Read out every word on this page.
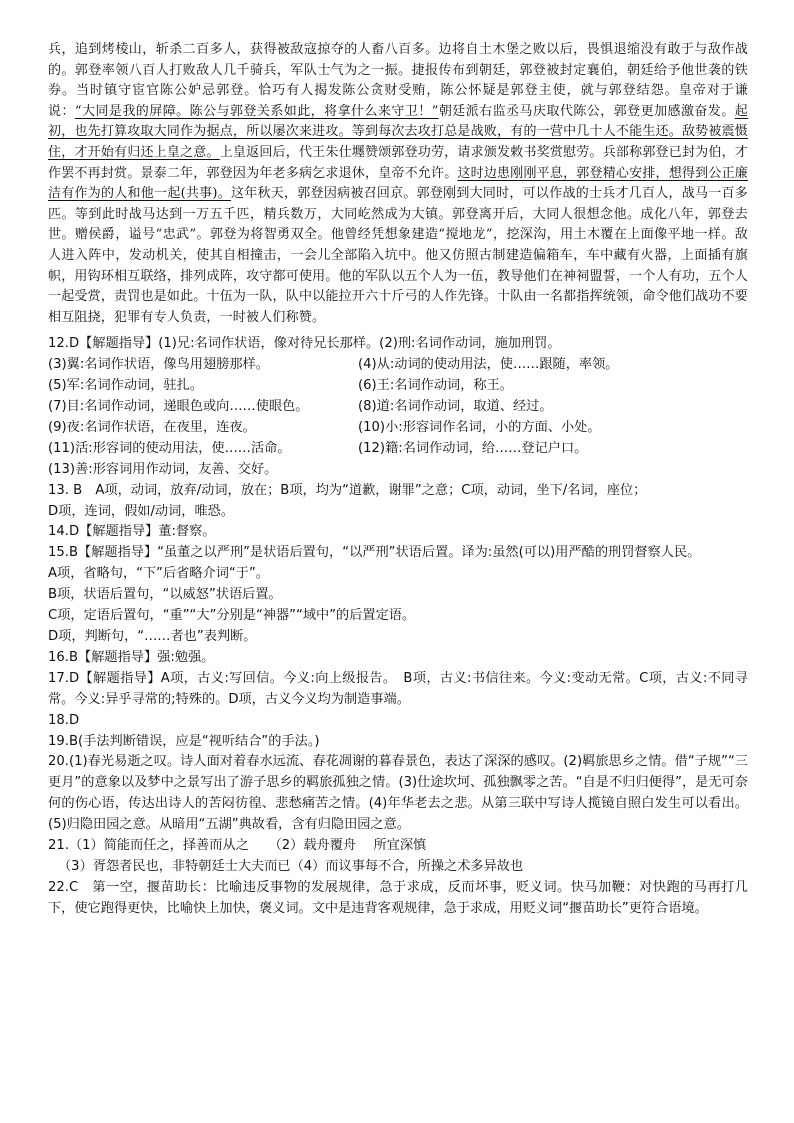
兵，追到烤棱山，斩杀二百多人，获得被敌寇掠夺的人畜八百多。边将自土木堡之败以后，畏惧退缩没有敢于与敌作战的。郭登率领八百人打败敌人几千骑兵，军队士气为之一振。捷报传布到朝廷，郭登被封定襄伯，朝廷给予他世袭的铁券。当时镇守宦官陈公妒忌郭登。恰巧有人揭发陈公贪财受贿，陈公怀疑是郭登主使，就与郭登结怨。皇帝对于谦说：“大同是我的屏障。陈公与郭登关系如此，将拿什么来守卫！”朝廷派右监丞马庆取代陈公，郭登更加感激奋发。起初，也先打算攻取大同作为据点，所以屡次来进攻。等到每次去攻打总是战败，有的一营中几十人不能生还。敌势被震慑住，才开始有归还上皇之意。上皇返回后，代王朱仕壥赞颂郭登功劳，请求颁发敕书奖赏慰劳。兵部称郭登已封为伯，才作罢不再封赏。景泰二年，郭登因为年老多病乞求退休，皇帝不允许。这时边患刚刚平息，郭登精心安排，想得到公正廉洁有作为的人和他一起(共事)。这年秋天，郭登因病被召回京。郭登刚到大同时，可以作战的士兵才几百人，战马一百多匹。等到此时战马达到一万五千匹，精兵数万，大同屹然成为大镇。郭登离开后，大同人很想念他。成化八年，郭登去世。赠侯爵，谥号“忠武”。郭登为将智勇双全。他曾经凭想象建造“搅地龙”，挖深沟，用土木覆在上面像平地一样。敌人进入阵中，发动机关，使其自相撞击，一会儿全部陷入坑中。他又仿照古制建造偏箱车，车中藏有火器，上面插有旗帜，用钩环相互联络，排列成阵，攻守都可使用。他的军队以五个人为一伍，教导他们在神祠盟誓，一个人有功，五个人一起受赏，责罚也是如此。十伍为一队，队中以能拉开六十斤弓的人作先锋。十队由一名都指挥统领，命令他们战功不要相互阻挠，犯罪有专人负责，一时被人们称赞。

12.D【解题指导】(1)兄:名词作状语，像对待兄长那样。(2)刑:名词作动词，施加刑罚。

(3)翼:名词作状语，像鸟用翅膀那样。	(4)从:动词的使动用法，使……跟随，率领。
(5)军:名词作动词，驻扎。	(6)王:名词作动词，称王。
(7)目:名词作动词，递眼色或向……使眼色。	(8)道:名词作动词，取道、经过。
(9)夜:名词作状语，在夜里，连夜。	(10)小:形容词作名词，小的方面、小处。
(11)活:形容词的使动用法，使……活命。	(12)籍:名词作动词，给……登记户口。

(13)善:形容词用作动词，友善、交好。

13. B　A项，动词，放弃/动词，放在；B项，均为“道歉，谢罪”之意；C项，动词，坐下/名词，座位；

D项，连词，假如/动词，唯恐。

14.D【解题指导】董:督察。

15.B【解题指导】“虽董之以严刑”是状语后置句，“以严刑”状语后置。译为:虽然(可以)用严酷的刑罚督察人民。

A项，省略句，“下”后省略介词“于”。

B项，状语后置句，“以威怒”状语后置。

C项，定语后置句，“重”“大”分别是“神器”“域中”的后置定语。

D项，判断句，“……者也”表判断。

16.B【解题指导】强:勉强。

17.D【解题指导】A项，古义:写回信。今义:向上级报告。　B项，古义:书信往来。今义:变动无常。C项，古义:不同寻常。今义:异乎寻常的;特殊的。D项，古义今义均为制造事端。

18.D

19.B(手法判断错误，应是“视听结合”的手法。)

20.(1)春光易逝之叹。诗人面对着春水远流、春花凋谢的暮春景色，表达了深深的感叹。(2)羁旅思乡之情。借“子规”“三更月”的意象以及梦中之景写出了游子思乡的羁旅孤独之情。(3)仕途坎坷、孤独飘零之苦。“自是不归归便得”，是无可奈何的伤心语，传达出诗人的苦闷彷徨、悲愁痛苦之情。(4)年华老去之悲。从第三联中写诗人揽镜自照白发生可以看出。(5)归隐田园之意。从暗用“五湖”典故看，含有归隐田园之意。

21.（1）简能而任之，择善而从之　　（2）载舟覆舟　 所宜深慎

（3）胥怨者民也，非特朝廷士大夫而已（4）而议事每不合，所操之术多异故也

22.C　第一空，揠苗助长：比喻违反事物的发展规律，急于求成，反而坏事，贬义词。快马加鞭：对快跑的马再打几下，使它跑得更快，比喻快上加快，褒义词。文中是违背客观规律，急于求成，用贬义词“揠苗助长”更符合语境。
